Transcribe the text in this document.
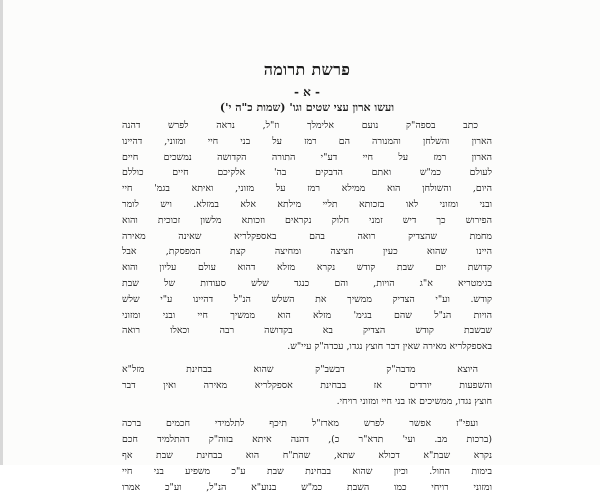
פרשת תרומה
- א -
ועשו ארון עצי שטים וגו' (שמות כ"ה י')
כתב בספה"ק נועם אלימלך וז"ל, נראה לפרש דהנה
הארון והשלחן והמנורה הם רמז על בני חיי ומזוני, דהיינו
הארון רמז על חיי דע"י התורה הקדושה נמשכים חיים
לעולם כמ"ש ואתם הדבקים בה' אלקיכם חיים כוללם
היום, והשולחן הוא ממילא רמז על מזוני, ואיתא בגמ' חיי
ובני ומזוני לאו בזכותא תליי מילתא אלא במזלא. ויש לומר
הפירוש כך דיש זמני חלוק נקראים וזכותא מלשון זכוכית והוא
מחמת שהצדיק רואה בהם באספקלריא שאינה מאירה
היינו שהוא כעין חציצה ומחיצה קצת המפסקת, אבל
קדושת יום שבת קודש נקרא מזלא דהוא עולם עליון והוא
בגימטריא א"ג הויות, והם כנגד שלש סעודות של שבת
קודש. וע"י הצדיק ממשיך את השלש הנ"ל דהיינו ע"י שלש
הויות הנ"ל שהם בגימ' מזלא הוא ממשיך חיי ובני ומזוני
שבשבת קודש הצדיק בא בקדושה רבה וכאלו רואה
באספקלריא מאירה שאין דבר חוצץ נגדו, עכדה"ק עיי"ש.
היוצא מדבה"ק דבשב"ק שהוא בבחינת מזל"א
והשפעות יורדים אז בבחינת אספקלריא מאירה ואין דבר
חוצץ נגדו, ממשיכים אז בני חיי ומזוני רויחי.
ועפי"ז אפשר לפרש מארז"ל תיכף לתלמידי חכמים ברכה
(ברכות מב. ועי' תדא"ר כ), דהנה איתא בזוה"ק דהתלמיד חכם
נקרא שבת"א דכולא שתא, שהת"ח הוא בבחינת שבת אף
בימות החול. וכיון שהוא בבחינת שבת ע"כ משפיע בני חיי
ומזוני רויחי כמו השבת כמ"ש בנוע"א הנ"ל, וע"כ אמרו
